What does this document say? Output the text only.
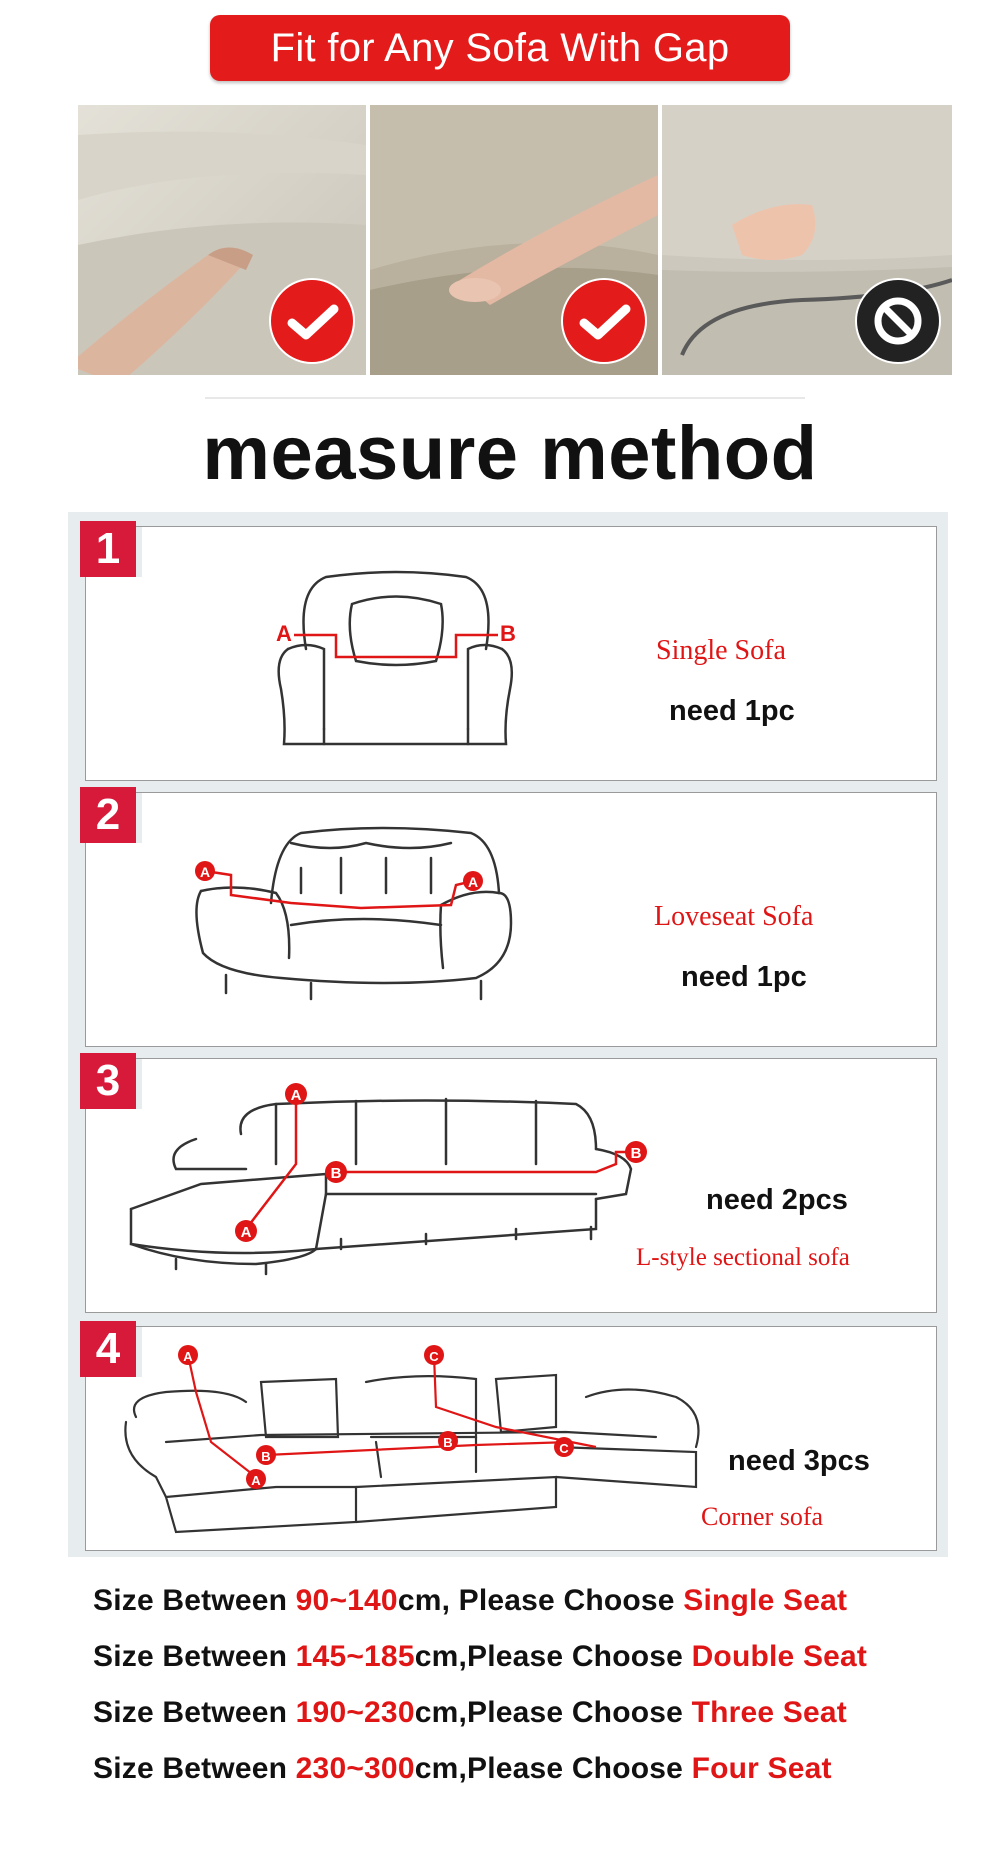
Fit for Any Sofa With Gap
measure method
1
A	B
Single Sofa
need 1pc
2
A
A
Loveseat Sofa
need 1pc
3	A
A
B
B
need 2pcs
L-style sectional sofa
4	A
A
B
B
C
C	need 3pcs
Corner sofa
Size Between 90~140cm, Please Choose Single Seat
Size Between 145~185cm,Please Choose Double Seat
Size Between 190~230cm,Please Choose Three Seat
Size Between 230~300cm,Please Choose Four Seat
